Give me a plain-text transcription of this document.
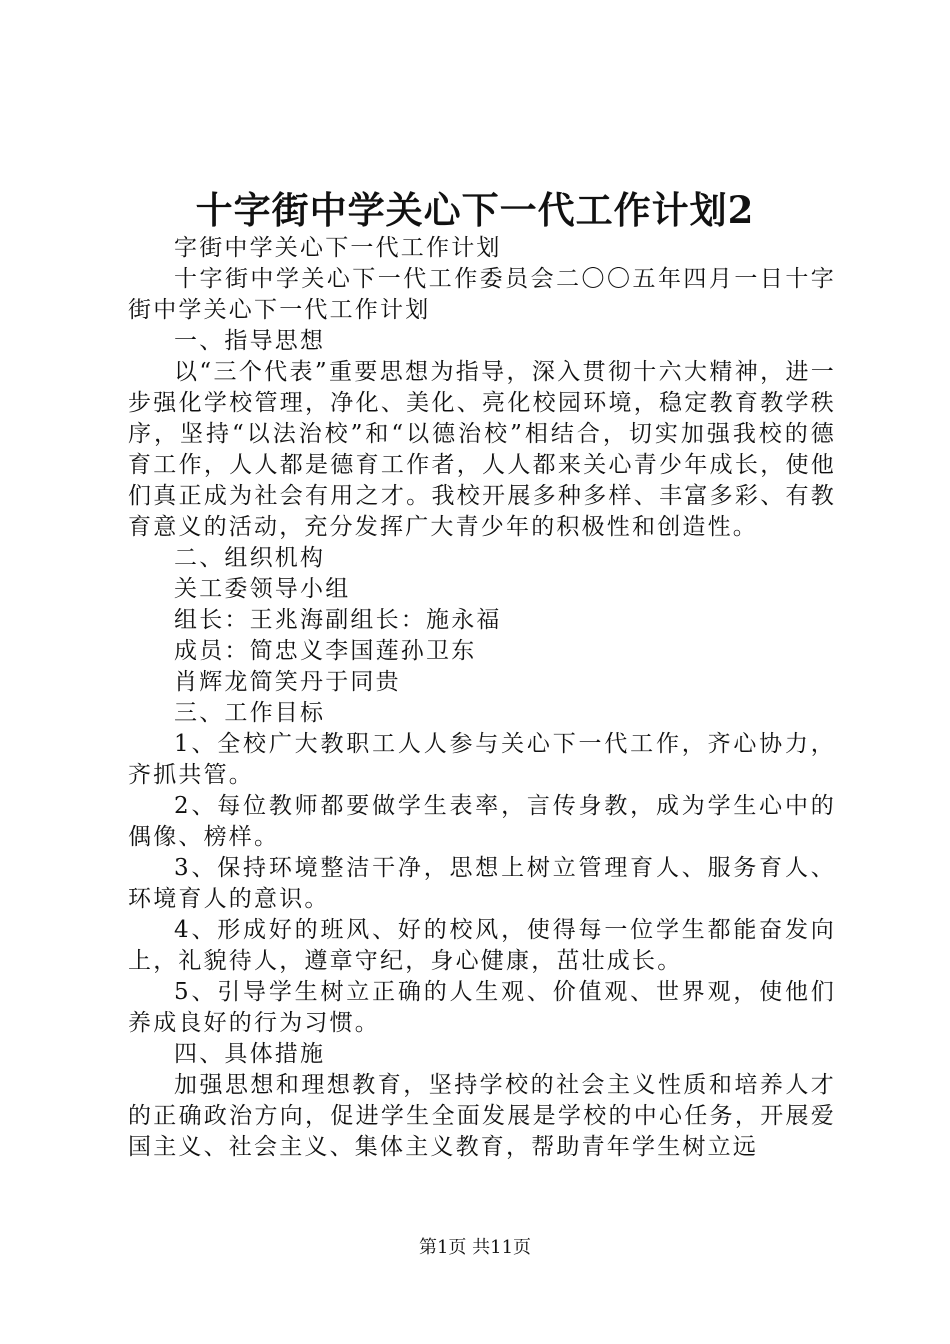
十字街中学关心下一代工作计划2

字街中学关心下一代工作计划

十字街中学关心下一代工作委员会二〇〇五年四月一日十字街中学关心下一代工作计划

一、指导思想

以“三个代表”重要思想为指导，深入贯彻十六大精神，进一步强化学校管理，净化、美化、亮化校园环境，稳定教育教学秩序，坚持“以法治校”和“以德治校”相结合，切实加强我校的德育工作，人人都是德育工作者，人人都来关心青少年成长，使他们真正成为社会有用之才。我校开展多种多样、丰富多彩、有教育意义的活动，充分发挥广大青少年的积极性和创造性。

二、组织机构

关工委领导小组

组长：王兆海副组长：施永福

成员：简忠义李国莲孙卫东

肖辉龙简笑丹于同贵

三、工作目标

1、全校广大教职工人人参与关心下一代工作，齐心协力，齐抓共管。

2、每位教师都要做学生表率，言传身教，成为学生心中的偶像、榜样。

3、保持环境整洁干净，思想上树立管理育人、服务育人、环境育人的意识。

4、形成好的班风、好的校风，使得每一位学生都能奋发向上，礼貌待人，遵章守纪，身心健康，茁壮成长。

5、引导学生树立正确的人生观、价值观、世界观，使他们养成良好的行为习惯。

四、具体措施

加强思想和理想教育，坚持学校的社会主义性质和培养人才的正确政治方向，促进学生全面发展是学校的中心任务，开展爱国主义、社会主义、集体主义教育，帮助青年学生树立远

第1页 共11页
